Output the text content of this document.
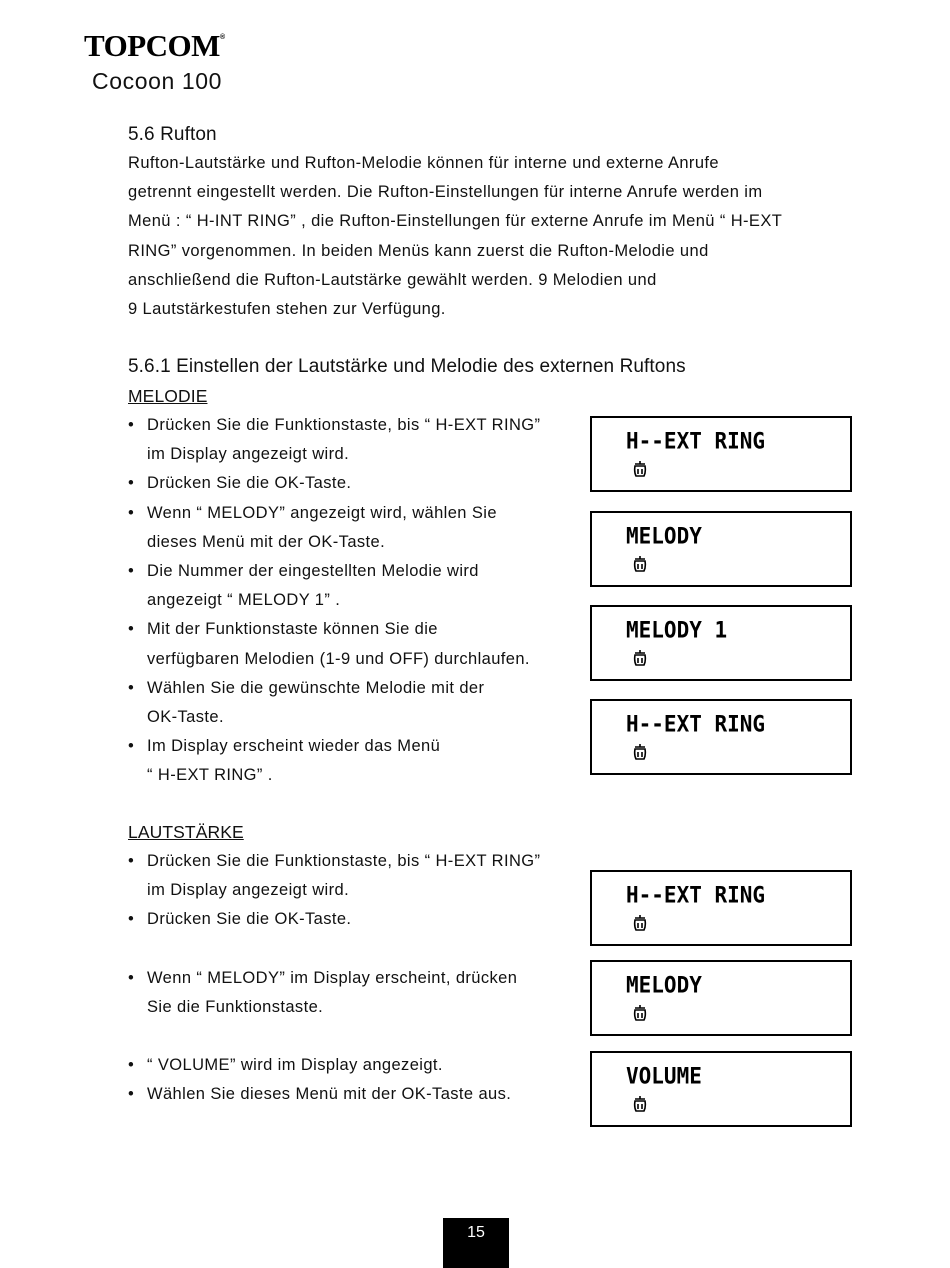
TOPCOM®
Cocoon 100
5.6 Rufton
Rufton-Lautstärke und Rufton-Melodie können für interne und externe Anrufe
getrennt eingestellt werden. Die Rufton-Einstellungen für interne Anrufe werden im
Menü : “ H-INT RING” , die Rufton-Einstellungen für externe Anrufe im Menü “ H-EXT
RING” vorgenommen. In beiden Menüs kann zuerst die Rufton-Melodie und
anschließend die Rufton-Lautstärke gewählt werden. 9 Melodien und
9 Lautstärkestufen stehen zur Verfügung.
5.6.1 Einstellen der Lautstärke und Melodie des externen Ruftons
MELODIE
• Drücken Sie die Funktionstaste, bis “ H-EXT RING”
im Display angezeigt wird.
• Drücken Sie die OK-Taste.
• Wenn “ MELODY” angezeigt wird, wählen Sie
dieses Menü mit der OK-Taste.
• Die Nummer der eingestellten Melodie wird
angezeigt “ MELODY 1” .
• Mit der Funktionstaste können Sie die
verfügbaren Melodien (1-9 und OFF) durchlaufen.
• Wählen Sie die gewünschte Melodie mit der
OK-Taste.
• Im Display erscheint wieder das Menü
“ H-EXT RING” .
LAUTSTÄRKE
• Drücken Sie die Funktionstaste, bis “ H-EXT RING”
im Display angezeigt wird.
• Drücken Sie die OK-Taste.
• Wenn “ MELODY” im Display erscheint, drücken
Sie die Funktionstaste.
• “ VOLUME” wird im Display angezeigt.
• Wählen Sie dieses Menü mit der OK-Taste aus.
H--EXT RING
MELODY
MELODY 1
H--EXT RING
H--EXT RING
MELODY
VOLUME
15
